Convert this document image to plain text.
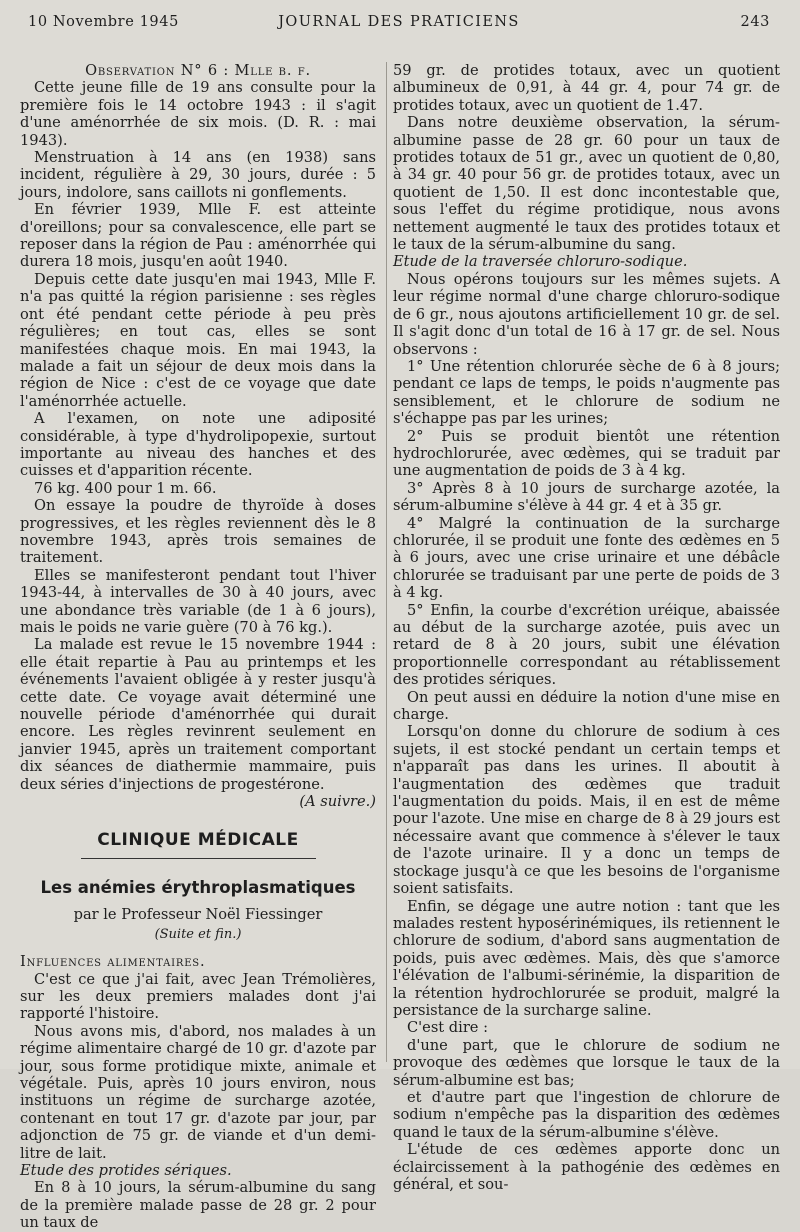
10 Novembre 1945	JOURNAL DES PRATICIENS	243

Observation N° 6 : Mlle b. f.

Cette jeune fille de 19 ans consulte pour la première fois le 14 octobre 1943 : il s'agit d'une aménorrhée de six mois. (D. R. : mai 1943).

Menstruation à 14 ans (en 1938) sans incident, régulière à 29, 30 jours, durée : 5 jours, indolore, sans caillots ni gonflements.

En février 1939, Mlle F. est atteinte d'oreillons; pour sa convalescence, elle part se reposer dans la région de Pau : aménorrhée qui durera 18 mois, jusqu'en août 1940.

Depuis cette date jusqu'en mai 1943, Mlle F. n'a pas quitté la région parisienne : ses règles ont été pendant cette période à peu près régulières; en tout cas, elles se sont manifestées chaque mois. En mai 1943, la malade a fait un séjour de deux mois dans la région de Nice : c'est de ce voyage que date l'aménorrhée actuelle.

A l'examen, on note une adiposité considérable, à type d'hydrolipopexie, surtout importante au niveau des hanches et des cuisses et d'apparition récente.

76 kg. 400 pour 1 m. 66.

On essaye la poudre de thyroïde à doses progressives, et les règles reviennent dès le 8 novembre 1943, après trois semaines de traitement.

Elles se manifesteront pendant tout l'hiver 1943-44, à intervalles de 30 à 40 jours, avec une abondance très variable (de 1 à 6 jours), mais le poids ne varie guère (70 à 76 kg.).

La malade est revue le 15 novembre 1944 : elle était repartie à Pau au printemps et les événements l'avaient obligée à y rester jusqu'à cette date. Ce voyage avait déterminé une nouvelle période d'aménorrhée qui durait encore. Les règles revinrent seulement en janvier 1945, après un traitement comportant dix séances de diathermie mammaire, puis deux séries d'injections de progestérone.

(A suivre.)

CLINIQUE MÉDICALE
Les anémies érythroplasmatiques
par le Professeur Noël Fiessinger
(Suite et fin.)

Influences alimentaires.

C'est ce que j'ai fait, avec Jean Trémolières, sur les deux premiers malades dont j'ai rapporté l'histoire.

Nous avons mis, d'abord, nos malades à un régime alimentaire chargé de 10 gr. d'azote par jour, sous forme protidique mixte, animale et végétale. Puis, après 10 jours environ, nous instituons un régime de surcharge azotée, contenant en tout 17 gr. d'azote par jour, par adjonction de 75 gr. de viande et d'un demi-litre de lait.

Etude des protides sériques.

En 8 à 10 jours, la sérum-albumine du sang de la première malade passe de 28 gr. 2 pour un taux de

59 gr. de protides totaux, avec un quotient albumineux de 0,91, à 44 gr. 4, pour 74 gr. de protides totaux, avec un quotient de 1.47.

Dans notre deuxième observation, la sérum-albumine passe de 28 gr. 60 pour un taux de protides totaux de 51 gr., avec un quotient de 0,80, à 34 gr. 40 pour 56 gr. de protides totaux, avec un quotient de 1,50. Il est donc incontestable que, sous l'effet du régime protidique, nous avons nettement augmenté le taux des protides totaux et le taux de la sérum-albumine du sang.

Etude de la traversée chloruro-sodique.

Nous opérons toujours sur les mêmes sujets. A leur régime normal d'une charge chloruro-sodique de 6 gr., nous ajoutons artificiellement 10 gr. de sel. Il s'agit donc d'un total de 16 à 17 gr. de sel. Nous observons :

1° Une rétention chlorurée sèche de 6 à 8 jours; pendant ce laps de temps, le poids n'augmente pas sensiblement, et le chlorure de sodium ne s'échappe pas par les urines;

2° Puis se produit bientôt une rétention hydrochlorurée, avec œdèmes, qui se traduit par une augmentation de poids de 3 à 4 kg.

3° Après 8 à 10 jours de surcharge azotée, la sérum-albumine s'élève à 44 gr. 4 et à 35 gr.

4° Malgré la continuation de la surcharge chlorurée, il se produit une fonte des œdèmes en 5 à 6 jours, avec une crise urinaire et une débâcle chlorurée se traduisant par une perte de poids de 3 à 4 kg.

5° Enfin, la courbe d'excrétion uréique, abaissée au début de la surcharge azotée, puis avec un retard de 8 à 20 jours, subit une élévation proportionnelle correspondant au rétablissement des protides sériques.

On peut aussi en déduire la notion d'une mise en charge.

Lorsqu'on donne du chlorure de sodium à ces sujets, il est stocké pendant un certain temps et n'apparaît pas dans les urines. Il aboutit à l'augmentation des œdèmes que traduit l'augmentation du poids. Mais, il en est de même pour l'azote. Une mise en charge de 8 à 29 jours est nécessaire avant que commence à s'élever le taux de l'azote urinaire. Il y a donc un temps de stockage jusqu'à ce que les besoins de l'organisme soient satisfaits.

Enfin, se dégage une autre notion : tant que les malades restent hyposérinémiques, ils retiennent le chlorure de sodium, d'abord sans augmentation de poids, puis avec œdèmes. Mais, dès que s'amorce l'élévation de l'albumi-sérinémie, la disparition de la rétention hydrochlorurée se produit, malgré la persistance de la surcharge saline.

C'est dire :

d'une part, que le chlorure de sodium ne provoque des œdèmes que lorsque le taux de la sérum-albumine est bas;

et d'autre part que l'ingestion de chlorure de sodium n'empêche pas la disparition des œdèmes quand le taux de la sérum-albumine s'élève.

L'étude de ces œdèmes apporte donc un éclaircissement à la pathogénie des œdèmes en général, et sou-
